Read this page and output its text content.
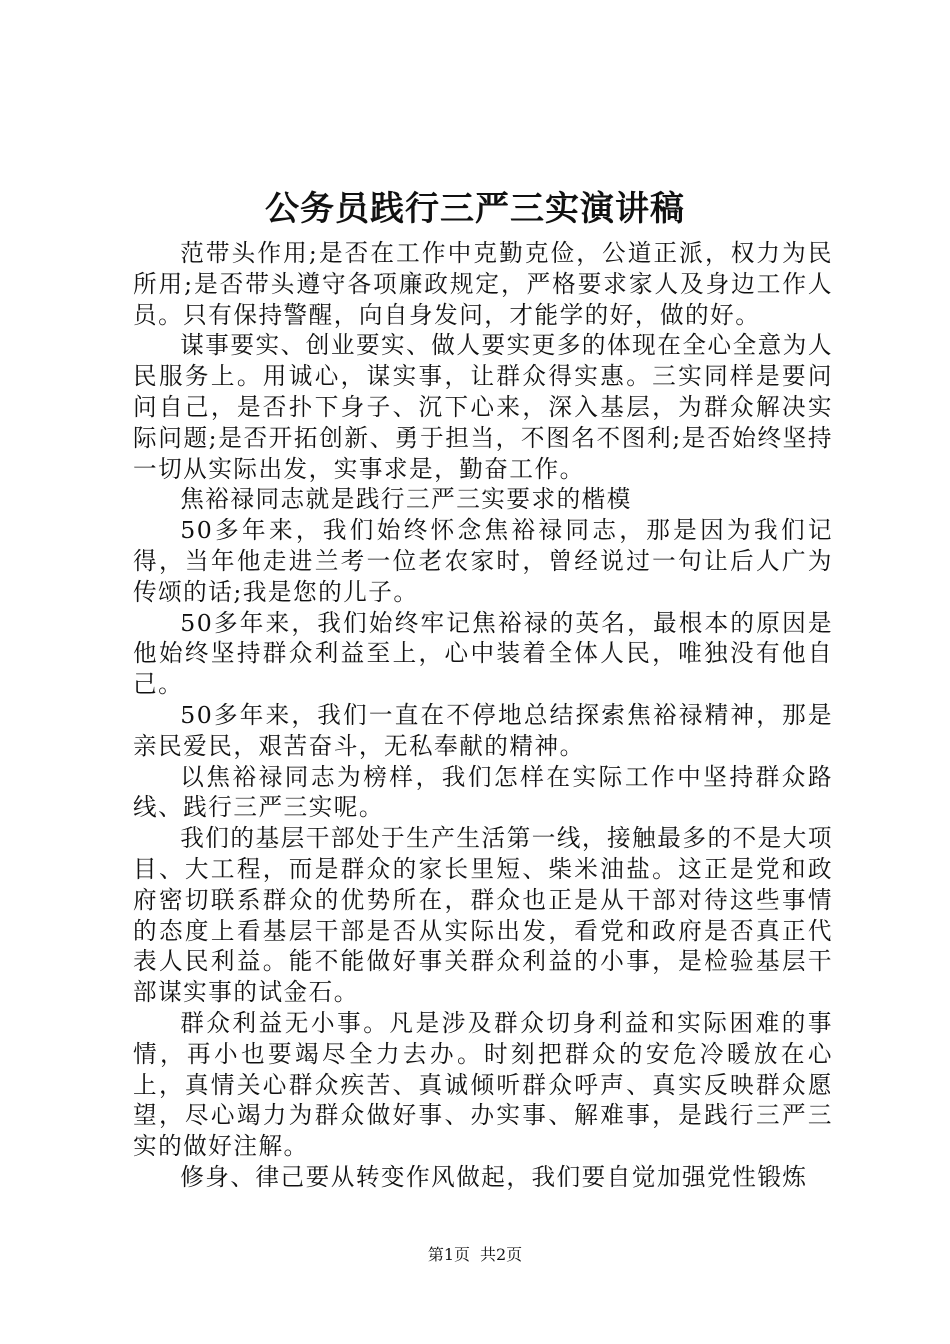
公务员践行三严三实演讲稿

范带头作用;是否在工作中克勤克俭，公道正派，权力为民所用;是否带头遵守各项廉政规定，严格要求家人及身边工作人员。只有保持警醒，向自身发问，才能学的好，做的好。

谋事要实、创业要实、做人要实更多的体现在全心全意为人民服务上。用诚心，谋实事，让群众得实惠。三实同样是要问问自己，是否扑下身子、沉下心来，深入基层，为群众解决实际问题;是否开拓创新、勇于担当，不图名不图利;是否始终坚持一切从实际出发，实事求是，勤奋工作。

焦裕禄同志就是践行三严三实要求的楷模

50多年来，我们始终怀念焦裕禄同志，那是因为我们记得，当年他走进兰考一位老农家时，曾经说过一句让后人广为传颂的话;我是您的儿子。

50多年来，我们始终牢记焦裕禄的英名，最根本的原因是他始终坚持群众利益至上，心中装着全体人民，唯独没有他自己。

50多年来，我们一直在不停地总结探索焦裕禄精神，那是亲民爱民，艰苦奋斗，无私奉献的精神。

以焦裕禄同志为榜样，我们怎样在实际工作中坚持群众路线、践行三严三实呢。

我们的基层干部处于生产生活第一线，接触最多的不是大项目、大工程，而是群众的家长里短、柴米油盐。这正是党和政府密切联系群众的优势所在，群众也正是从干部对待这些事情的态度上看基层干部是否从实际出发，看党和政府是否真正代表人民利益。能不能做好事关群众利益的小事，是检验基层干部谋实事的试金石。

群众利益无小事。凡是涉及群众切身利益和实际困难的事情，再小也要竭尽全力去办。时刻把群众的安危冷暖放在心上，真情关心群众疾苦、真诚倾听群众呼声、真实反映群众愿望，尽心竭力为群众做好事、办实事、解难事，是践行三严三实的做好注解。

修身、律己要从转变作风做起，我们要自觉加强党性锻炼

第1页 共2页
